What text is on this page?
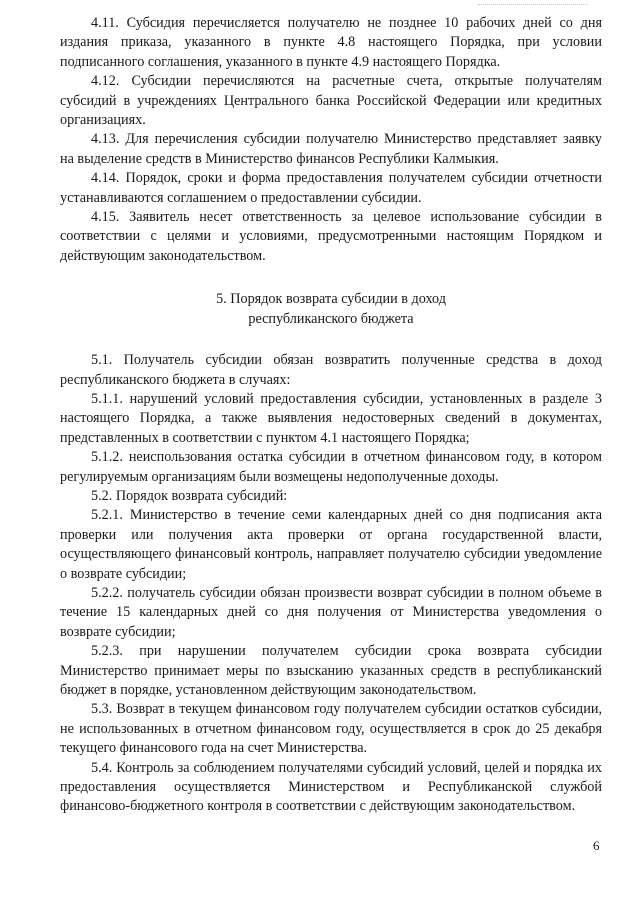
4.11. Субсидия перечисляется получателю не позднее 10 рабочих дней со дня издания приказа, указанного в пункте 4.8 настоящего Порядка, при условии подписанного соглашения, указанного в пункте 4.9 настоящего Порядка.

4.12. Субсидии перечисляются на расчетные счета, открытые получателям субсидий в учреждениях Центрального банка Российской Федерации или кредитных организациях.

4.13. Для перечисления субсидии получателю Министерство представляет заявку на выделение средств в Министерство финансов Республики Калмыкия.

4.14. Порядок, сроки и форма предоставления получателем субсидии отчетности устанавливаются соглашением о предоставлении субсидии.

4.15. Заявитель несет ответственность за целевое использование субсидии в соответствии с целями и условиями, предусмотренными настоящим Порядком и действующим законодательством.

5. Порядок возврата субсидии в доход
республиканского бюджета

5.1. Получатель субсидии обязан возвратить полученные средства в доход республиканского бюджета в случаях:

5.1.1. нарушений условий предоставления субсидии, установленных в разделе 3 настоящего Порядка, а также выявления недостоверных сведений в документах, представленных в соответствии с пунктом 4.1 настоящего Порядка;

5.1.2. неиспользования остатка субсидии в отчетном финансовом году, в котором регулируемым организациям были возмещены недополученные доходы.

5.2. Порядок возврата субсидий:

5.2.1. Министерство в течение семи календарных дней со дня подписания акта проверки или получения акта проверки от органа государственной власти, осуществляющего финансовый контроль, направляет получателю субсидии уведомление о возврате субсидии;

5.2.2. получатель субсидии обязан произвести возврат субсидии в полном объеме в течение 15 календарных дней со дня получения от Министерства уведомления о возврате субсидии;

5.2.3. при нарушении получателем субсидии срока возврата субсидии Министерство принимает меры по взысканию указанных средств в республиканский бюджет в порядке, установленном действующим законодательством.

5.3. Возврат в текущем финансовом году получателем субсидии остатков субсидии, не использованных в отчетном финансовом году, осуществляется в срок до 25 декабря текущего финансового года на счет Министерства.

5.4. Контроль за соблюдением получателями субсидий условий, целей и порядка их предоставления осуществляется Министерством и Республиканской службой финансово-бюджетного контроля в соответствии с действующим законодательством.

6
